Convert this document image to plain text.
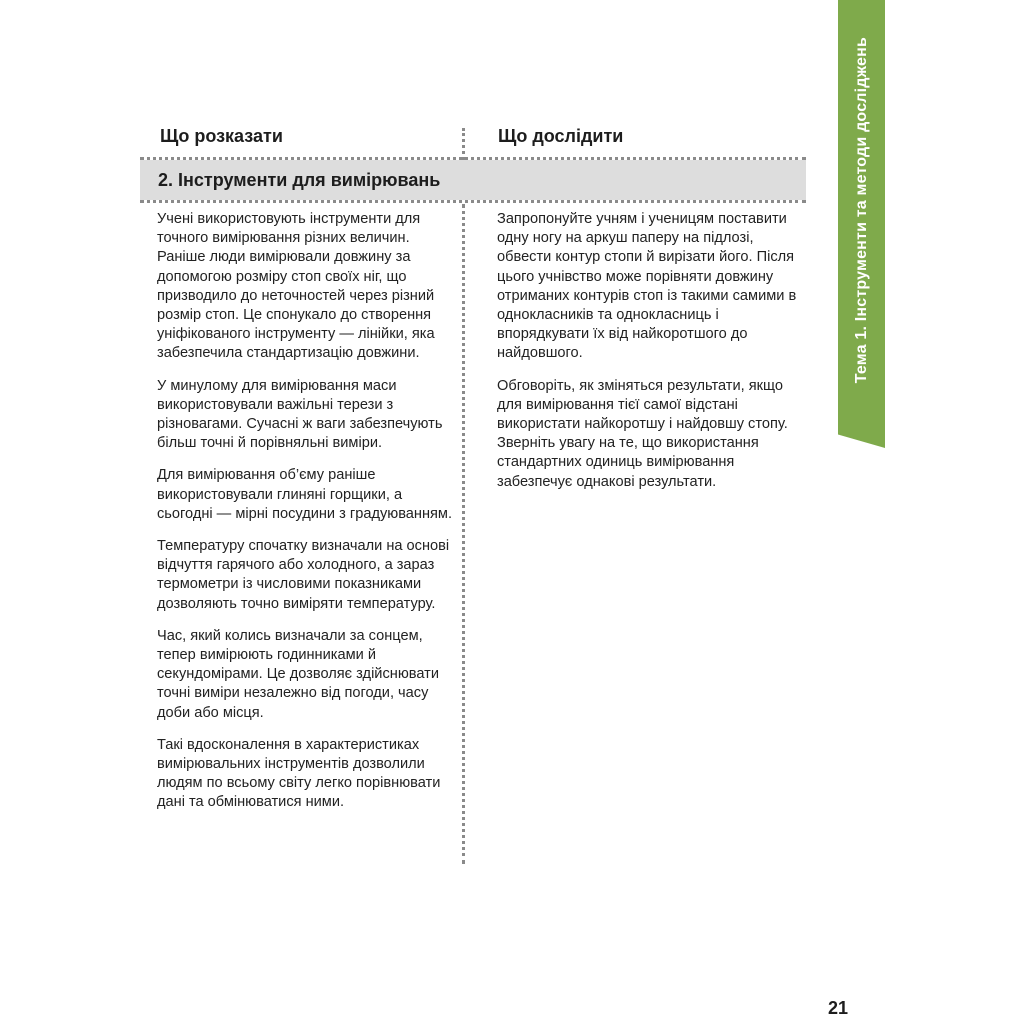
Тема 1. Інструменти та методи досліджень
Що розказати	Що дослідити
2. Інструменти для вимірювань

Учені використовують інструменти для точного вимірювання різних величин. Раніше люди вимірювали довжину за допомогою розміру стоп своїх ніг, що призводило до неточностей через різний розмір стоп. Це спонукало до створення уніфікованого інструменту — лінійки, яка забезпечила стандартизацію довжини.

У минулому для вимірювання маси використовували важільні терези з різновагами. Сучасні ж ваги забезпечують більш точні й порівняльні виміри.

Для вимірювання об’єму раніше використовували глиняні горщики, а сьогодні — мірні посудини з градуюванням.

Температуру спочатку визначали на основі відчуття гарячого або холодного, а зараз термометри із числовими показниками дозволяють точно виміряти температуру.

Час, який колись визначали за сонцем, тепер вимірюють годинниками й секундомірами. Це дозволяє здійснювати точні виміри незалежно від погоди, часу доби або місця.

Такі вдосконалення в характеристиках вимірювальних інструментів дозволили людям по всьому світу легко порівнювати дані та обмінюватися ними.

Запропонуйте учням і ученицям поставити одну ногу на аркуш паперу на підлозі, обвести контур стопи й вирізати його. Після цього учнівство може порівняти довжину отриманих контурів стоп із такими самими в однокласників та однокласниць і впорядкувати їх від найкоротшого до найдовшого.

Обговоріть, як зміняться результати, якщо для вимірювання тієї самої відстані використати найкоротшу і найдовшу стопу. Зверніть увагу на те, що використання стандартних одиниць вимірювання забезпечує однакові результати.

21
